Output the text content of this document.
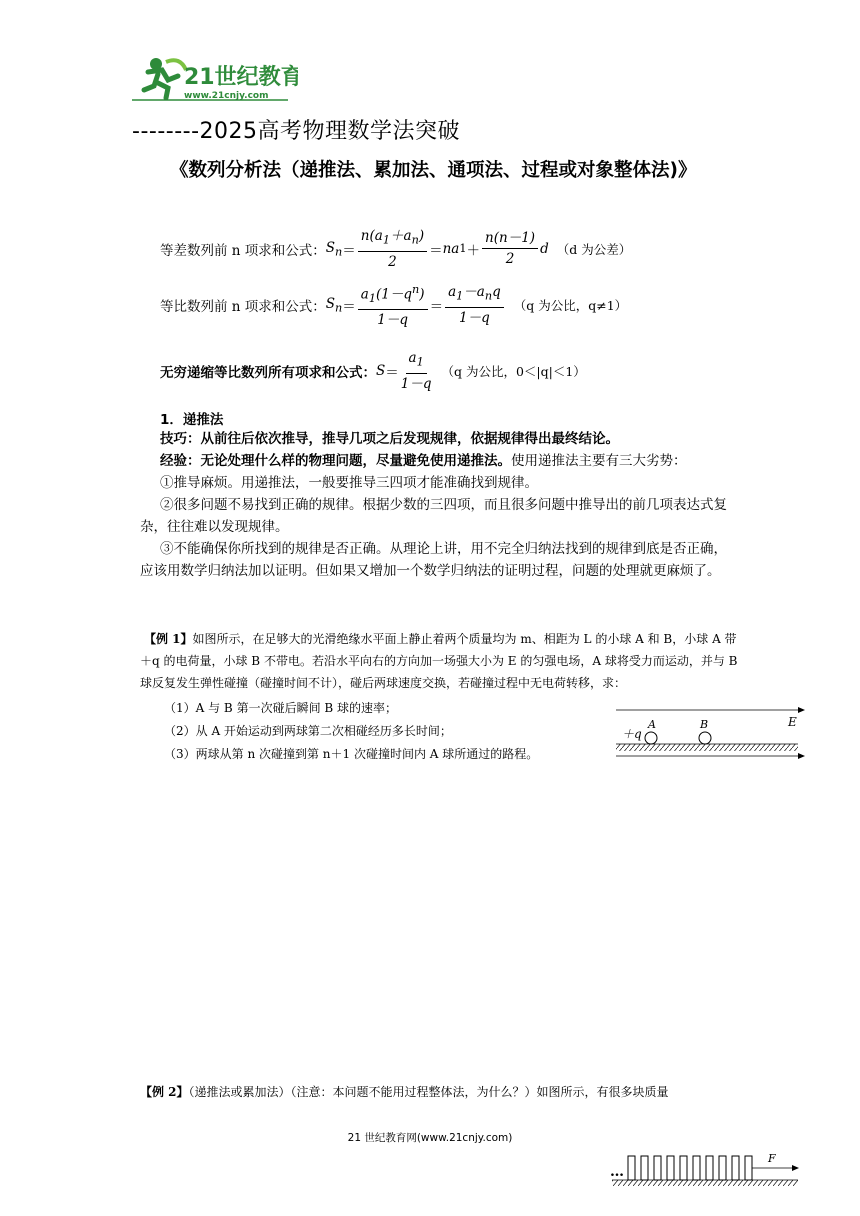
21世纪教育
www.21cnjy.com
--------2025高考物理数学法突破
《数列分析法（递推法、累加法、通项法、过程或对象整体法)》
等差数列前 n 项求和公式： $S_n = \frac{n(a_1+a_n)}{2}$ ＝ na $1 + \frac{n(n-1)}{2}$ d （d 为公差）
等比数列前 n 项求和公式： $S_n = \frac{a_1(1-q^n)}{1-q} = \frac{a_1-a_nq}{1-q} (q$ 为公比，q≠1）
无穷递缩等比数列所有项求和公式： $S = \frac{a_1}{1-q} (q$ 为公比，0＜|q|＜1）
1．递推法
技巧：从前往后依次推导，推导几项之后发现规律，依据规律得出最终结论。
经验：无论处理什么样的物理问题，尽量避免使用递推法。使用递推法主要有三大劣势：
①推导麻烦。用递推法，一般要推导三四项才能准确找到规律。
②很多问题不易找到正确的规律。根据少数的三四项，而且很多问题中推导出的前几项表达式复杂，往往难以发现规律。
③不能确保你所找到的规律是否正确。从理论上讲，用不完全归纳法找到的规律到底是否正确，应该用数学归纳法加以证明。但如果又增加一个数学归纳法的证明过程，问题的处理就更麻烦了。
【例 1】如图所示，在足够大的光滑绝缘水平面上静止着两个质量均为 m、相距为 L 的小球 A 和 B，小球 A 带＋q 的电荷量，小球 B 不带电。若沿水平向右的方向加一场强大小为 E 的匀强电场，A 球将受力而运动，并与 B 球反复发生弹性碰撞（碰撞时间不计），碰后两球速度交换，若碰撞过程中无电荷转移，求：
（1）A 与 B 第一次碰后瞬间 B 球的速率；
（2）从 A 开始运动到两球第二次相碰经历多长时间；
（3）两球从第 n 次碰撞到第 n＋1 次碰撞时间内 A 球所通过的路程。
＋q
A	B	E
【例 2】（递推法或累加法）（注意：本问题不能用过程整体法，为什么？）如图所示，有很多块质量
21 世纪教育网(www.21cnjy.com)
…
F
